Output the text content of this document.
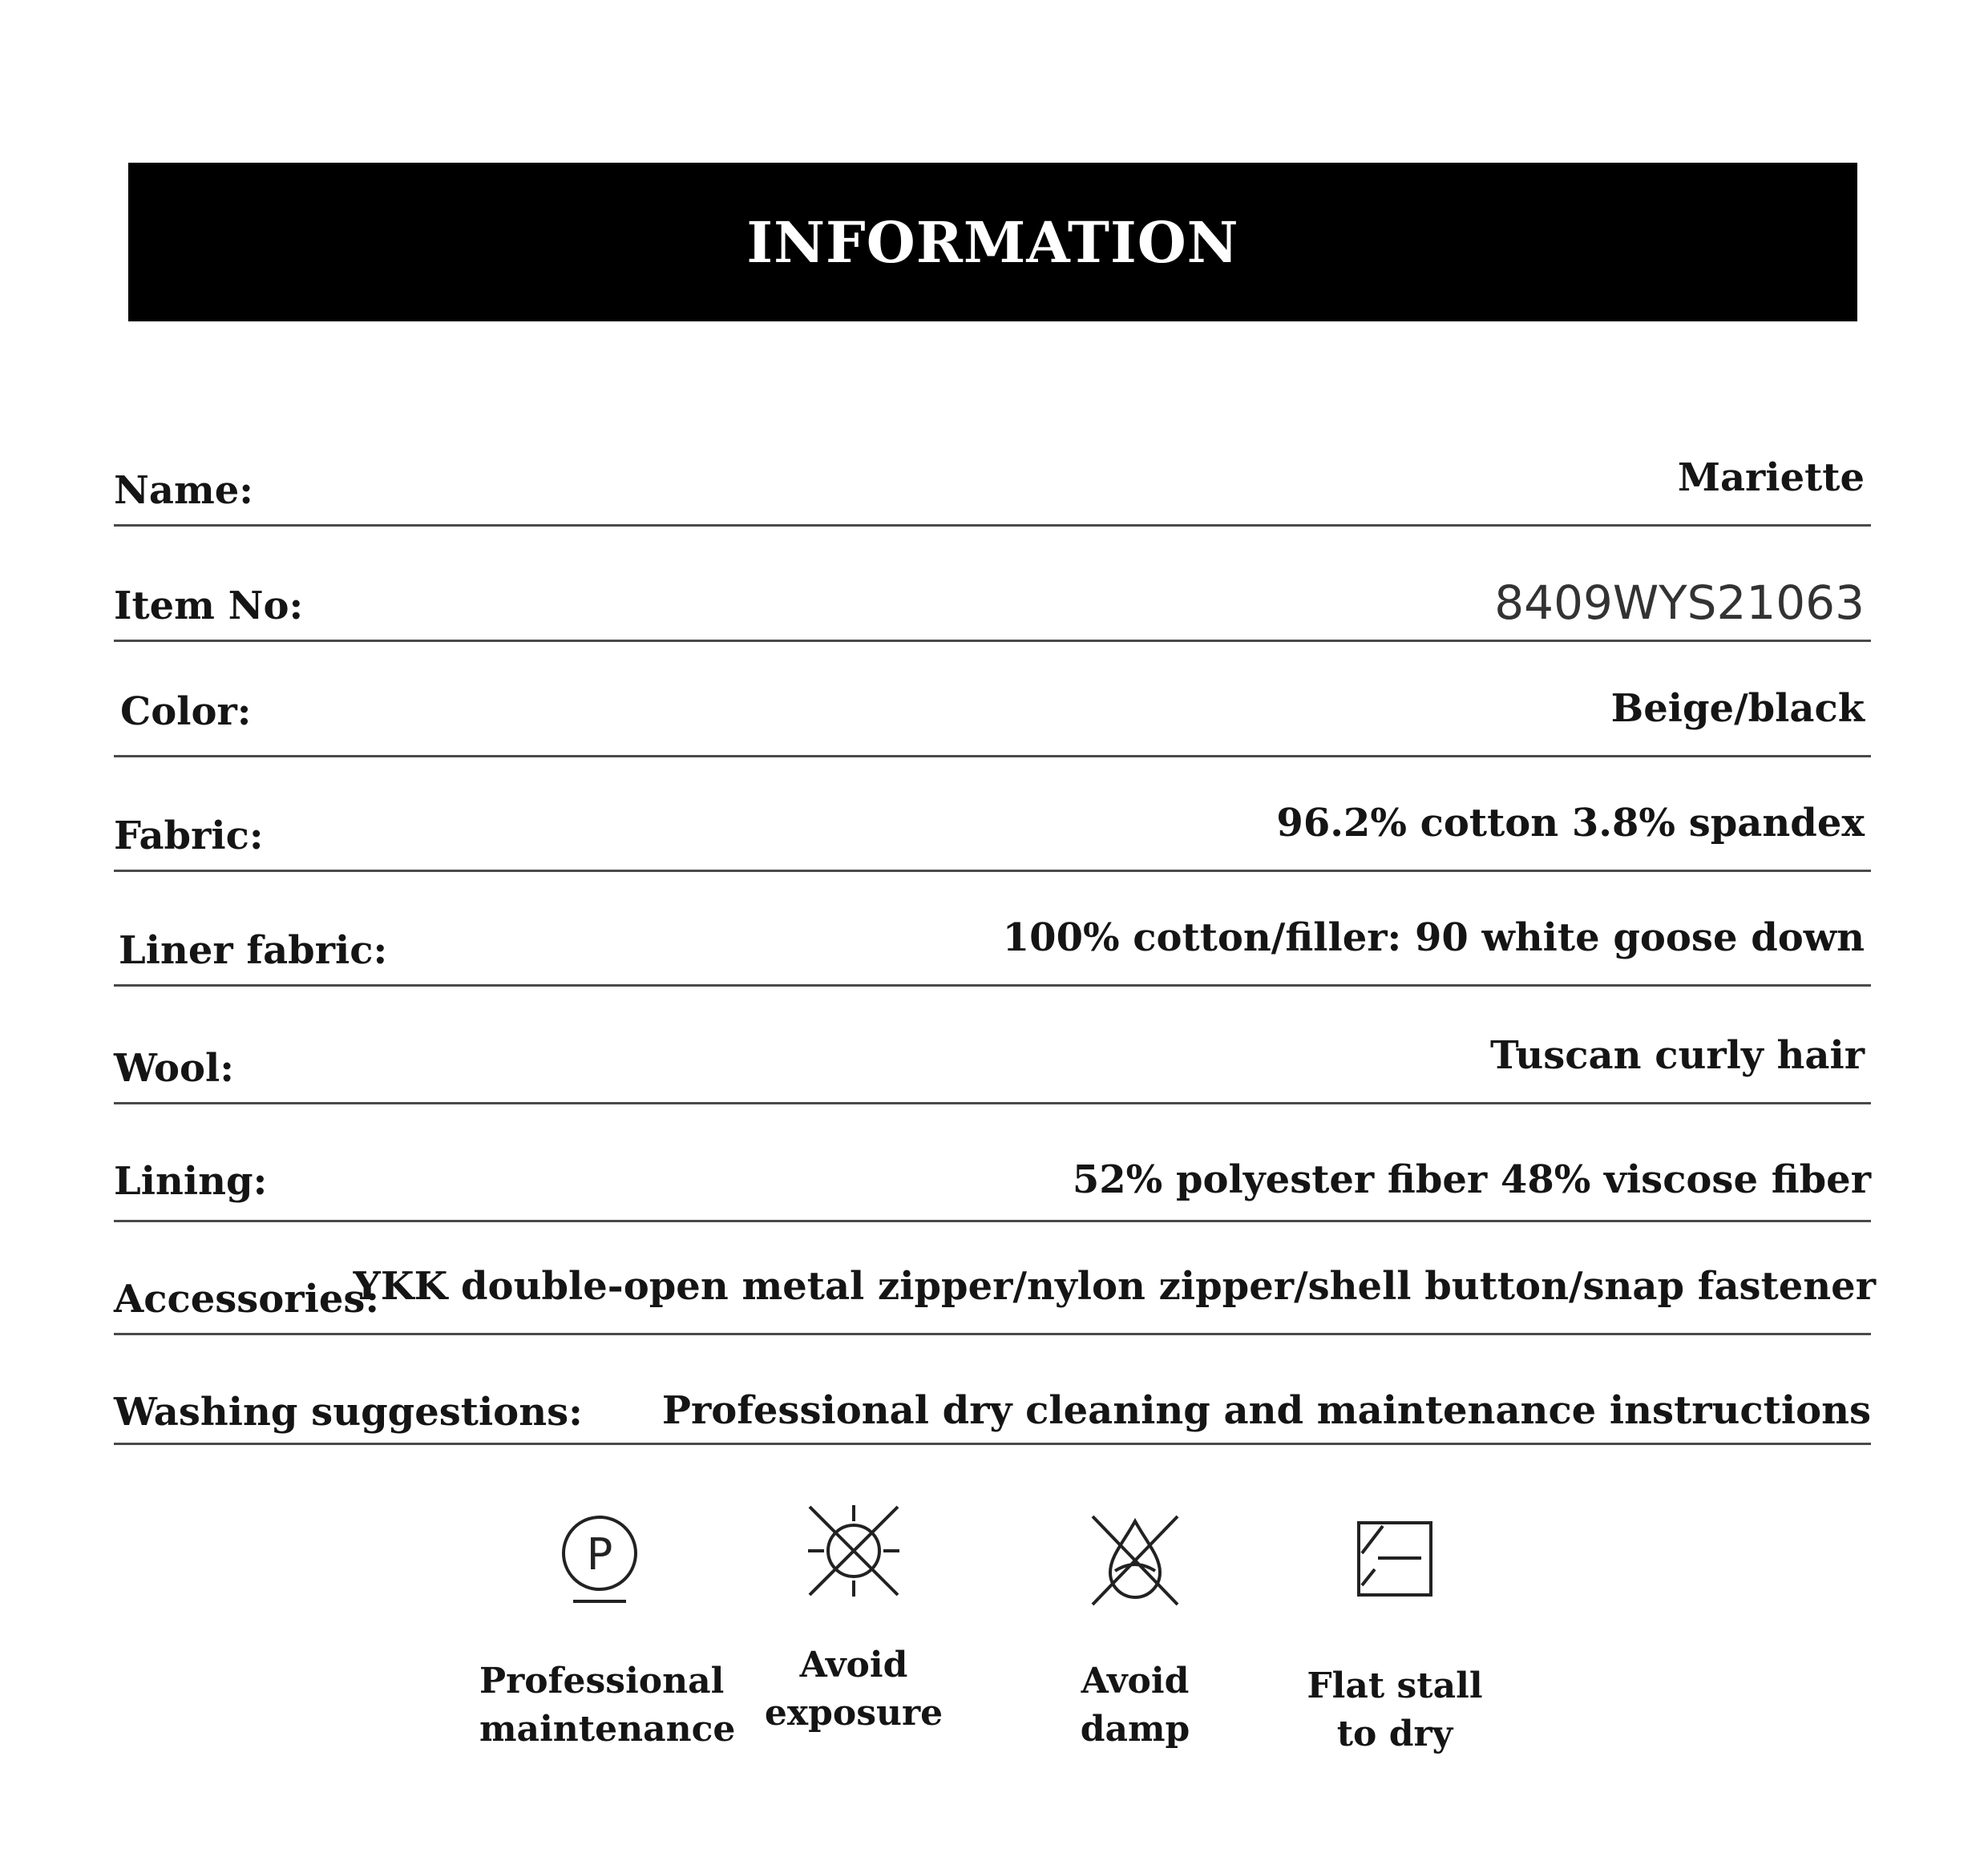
INFORMATION
Name:	Mariette
Item No:	8409WYS21063
Color:	Beige/black
Fabric:	96.2% cotton 3.8% spandex
Liner fabric:	100% cotton/filler: 90 white goose down
Wool:	Tuscan curly hair
Lining:	52% polyester fiber 48% viscose fiber
Accessories:
YKK double-open metal zipper/nylon zipper/shell button/snap fastener
Washing suggestions: Professional dry cleaning and maintenance instructions
P
Professional
maintenance
Avoid
exposure
Avoid
damp
Flat stall
to dry
